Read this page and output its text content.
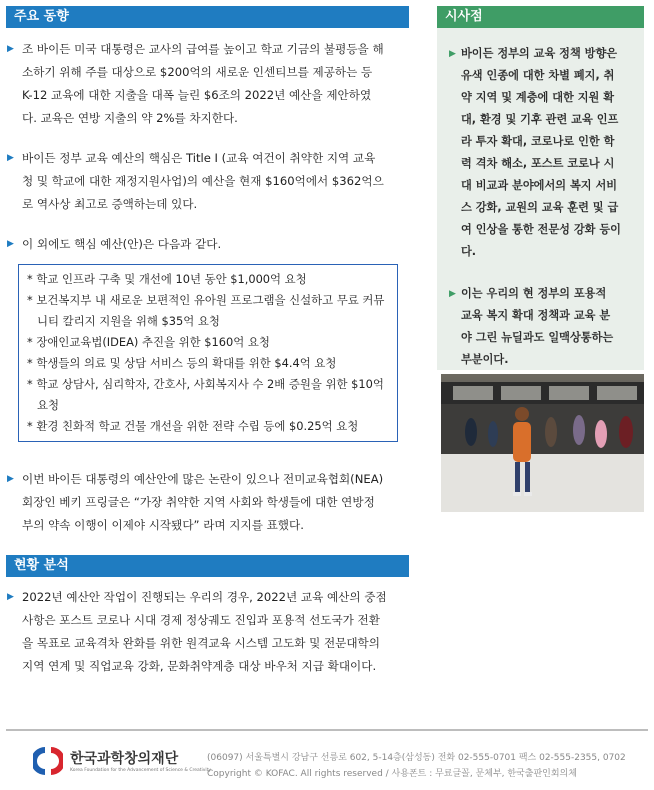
주요 동향
▶ 조 바이든 미국 대통령은 교사의 급여를 높이고 학교 기금의 불평등을 해
소하기 위해 주를 대상으로 $200억의 새로운 인센티브를 제공하는 등
K-12 교육에 대한 지출을 대폭 늘린 $6조의 2022년 예산을 제안하였
다. 교육은 연방 지출의 약 2%를 차지한다.
▶ 바이든 정부 교육 예산의 핵심은 Title I (교육 여건이 취약한 지역 교육
청 및 학교에 대한 재정지원사업)의 예산을 현재 $160억에서 $362억으
로 역사상 최고로 증액하는데 있다.
▶ 이 외에도 핵심 예산(안)은 다음과 같다.
* 학교 인프라 구축 및 개선에 10년 동안 $1,000억 요청
* 보건복지부 내 새로운 보편적인 유아원 프로그램을 신설하고 무료 커뮤니티 칼리지 지원을 위해 $35억 요청
* 장애인교육법(IDEA) 추진을 위한 $160억 요청
* 학생들의 의료 및 상담 서비스 등의 확대를 위한 $4.4억 요청
* 학교 상담사, 심리학자, 간호사, 사회복지사 수 2배 증원을 위한 $10억 요청
* 환경 친화적 학교 건물 개선을 위한 전략 수립 등에 $0.25억 요청
▶ 이번 바이든 대통령의 예산안에 많은 논란이 있으나 전미교육협회(NEA)
회장인 베키 프링글은 “가장 취약한 지역 사회와 학생들에 대한 연방정
부의 약속 이행이 이제야 시작됐다” 라며 지지를 표했다.
현황 분석
▶ 2022년 예산안 작업이 진행되는 우리의 경우, 2022년 교육 예산의 중점
사항은 포스트 코로나 시대 경제 정상궤도 진입과 포용적 선도국가 전환
을 목표로 교육격차 완화를 위한 원격교육 시스템 고도화 및 전문대학의
지역 연계 및 직업교육 강화, 문화취약계층 대상 바우처 지급 확대이다.
시사점
▶ 바이든 정부의 교육 정책 방향은
유색 인종에 대한 차별 폐지, 취
약 지역 및 계층에 대한 지원 확
대, 환경 및 기후 관련 교육 인프
라 투자 확대, 코로나로 인한 학
력 격차 해소, 포스트 코로나 시
대 비교과 분야에서의 복지 서비
스 강화, 교원의 교육 훈련 및 급
여 인상을 통한 전문성 강화 등이다.
▶ 이는 우리의 현 정부의 포용적
교육 복지 확대 정책과 교육 분
야 그린 뉴딜과도 일맥상통하는
부분이다.
한국과학창의재단
Korea Foundation for the Advancement of Science & Creativity
(06097) 서울특별시 강남구 선릉로 602, 5-14층(삼성동) 전화 02-555-0701 팩스 02-555-2355, 0702
Copyright © KOFAC. All rights reserved / 사용폰트 : 무료글꼴, 문체부, 한국출판인회의체
